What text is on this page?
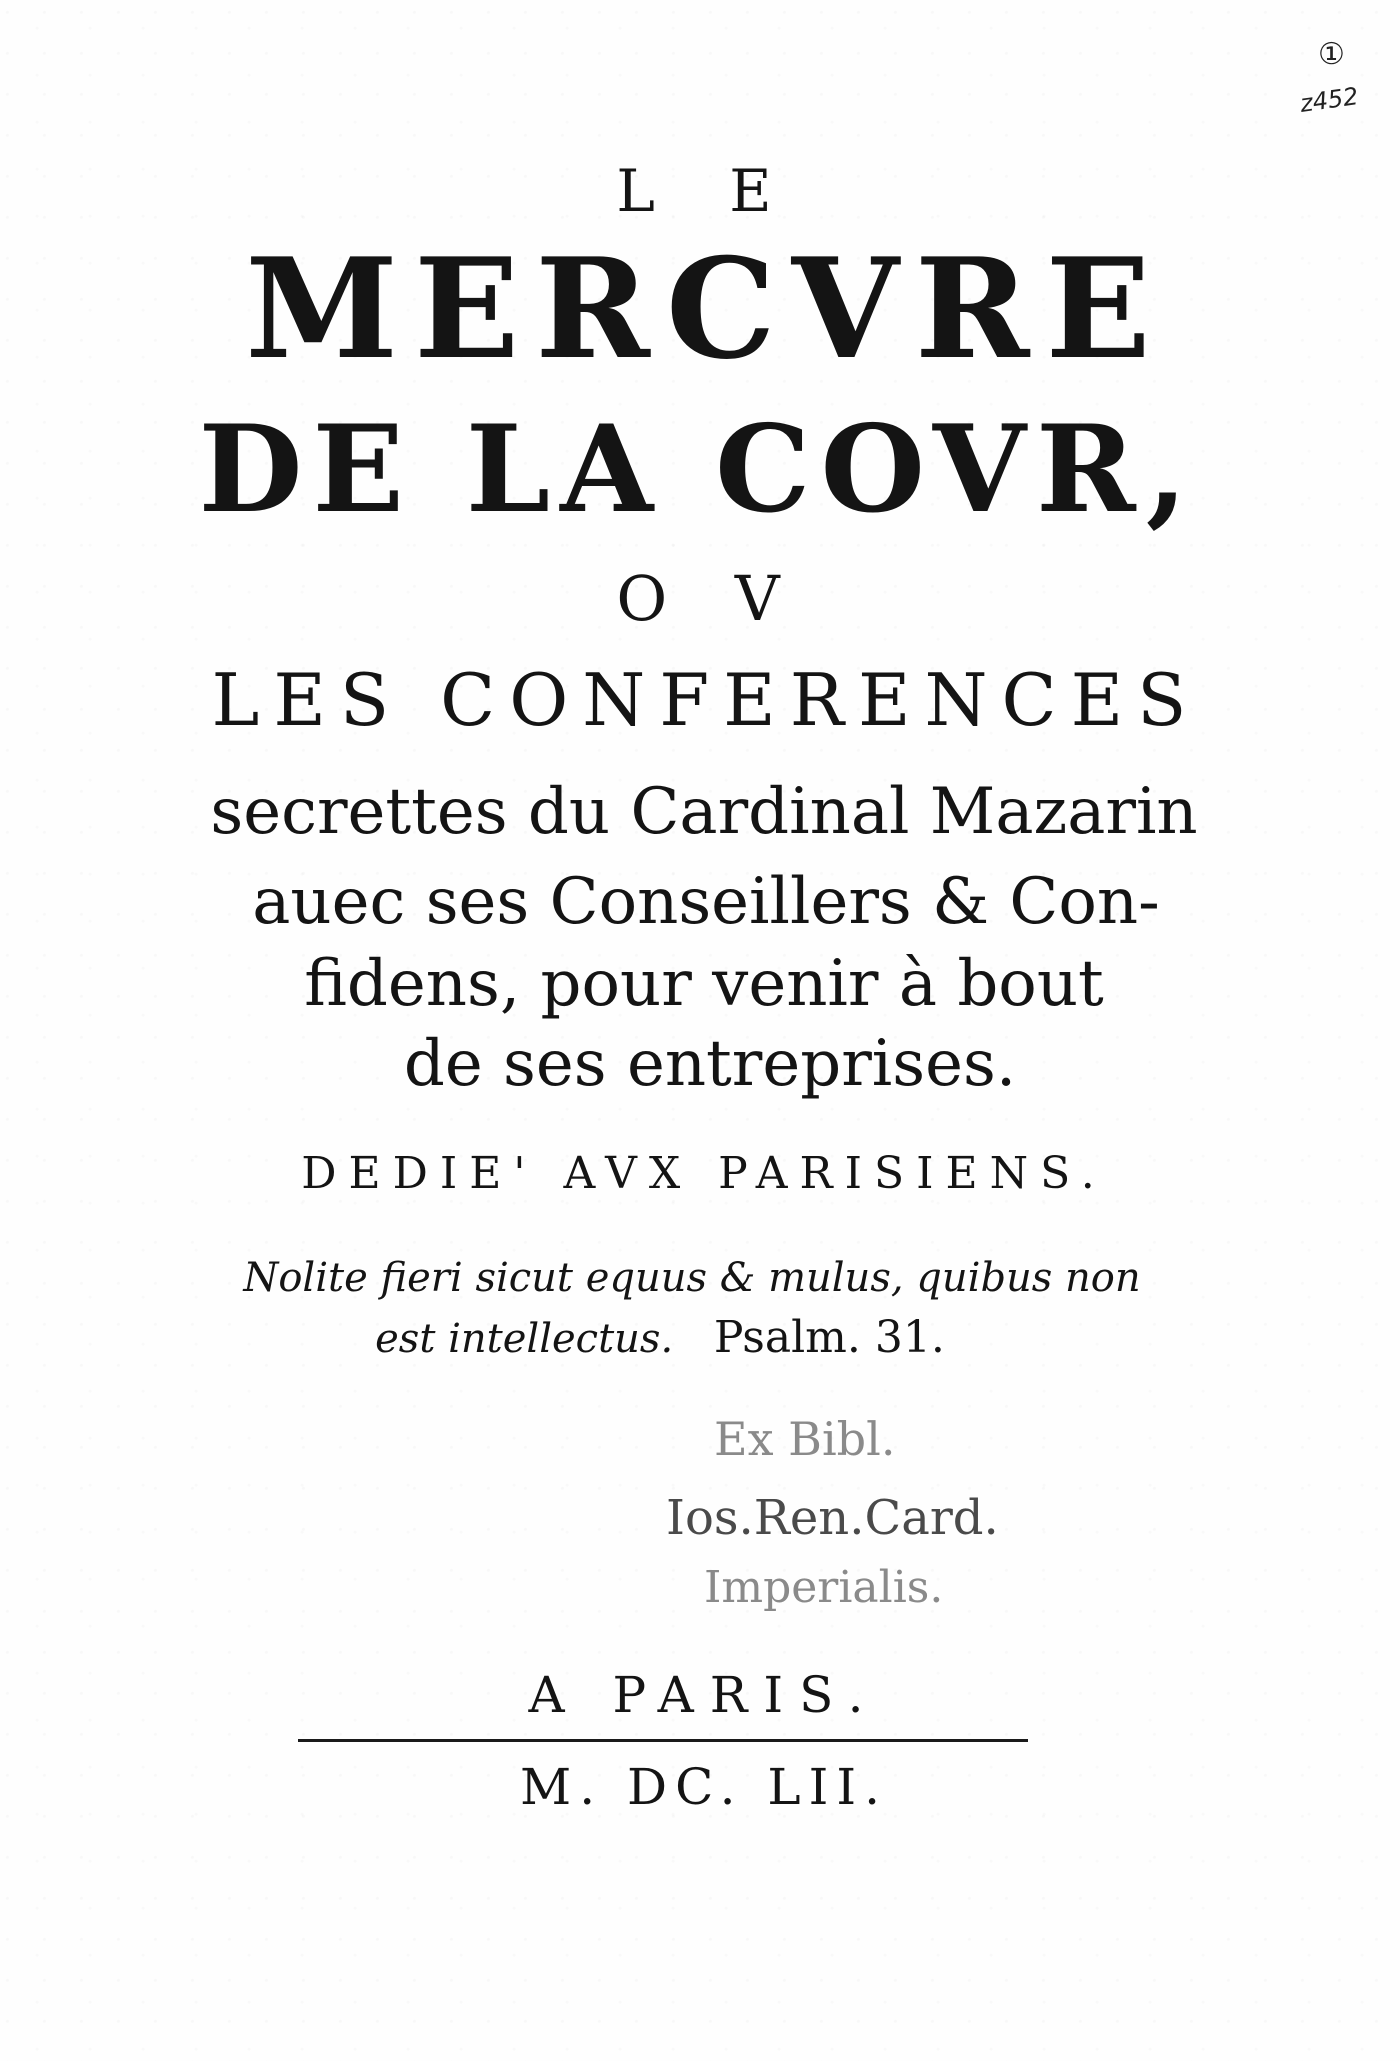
①
z452
L E
MERCVRE
DE LA COVR,
O V
LES CONFERENCES
secrettes du Cardinal Mazarin
auec ses Conseillers & Con-
fidens, pour venir à bout
de ses entreprises.
DEDIE' AVX PARISIENS.
Nolite fieri sicut equus & mulus, quibus non
est intellectus. Psalm. 31.
Ex Bibl.
Ios.Ren.Card.
Imperialis.
A PARIS.
M. DC. LII.
